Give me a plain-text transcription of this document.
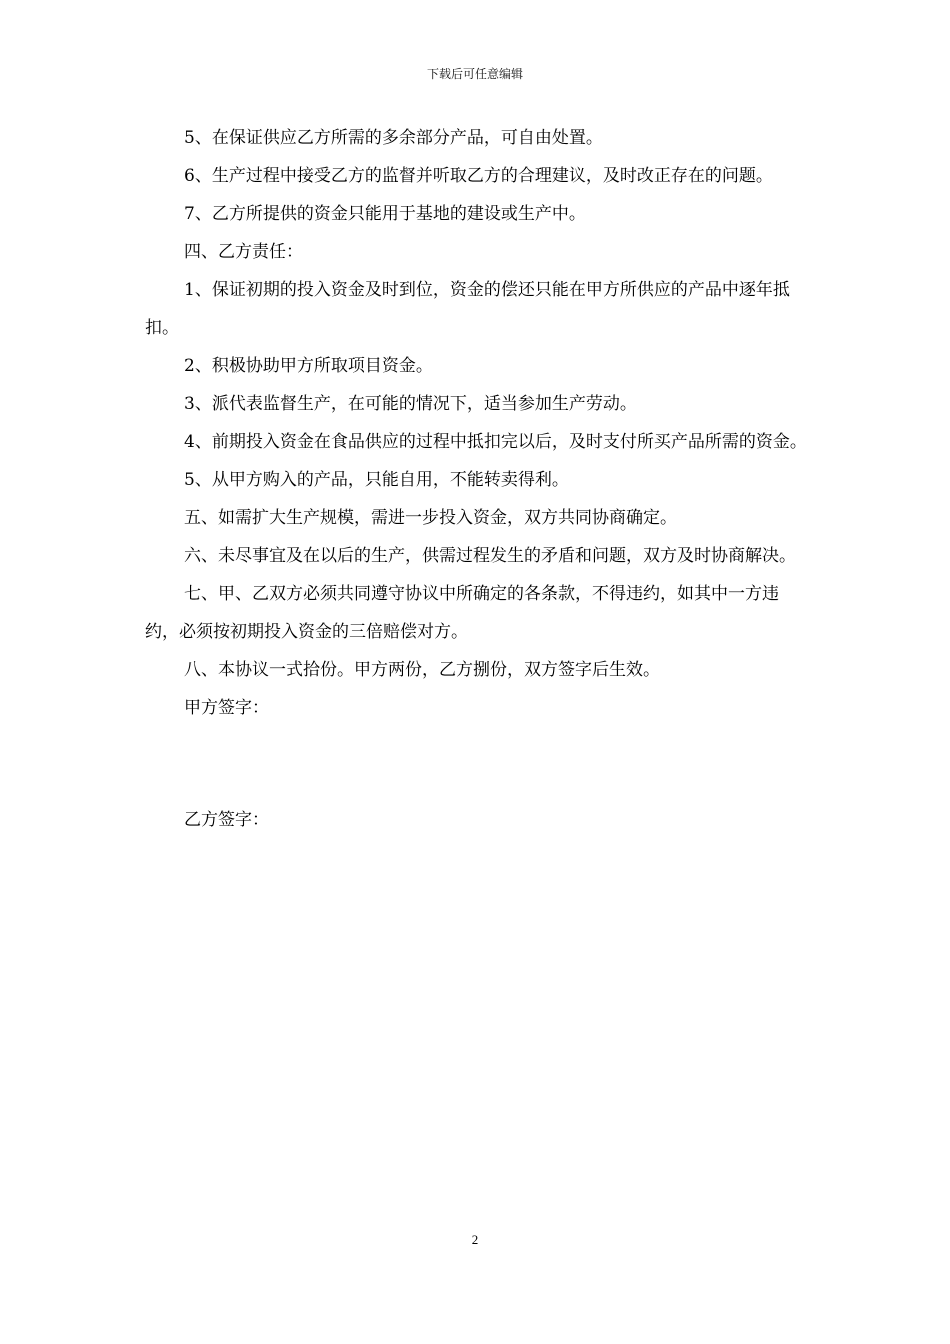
下载后可任意编辑

5、在保证供应乙方所需的多余部分产品，可自由处置。

6、生产过程中接受乙方的监督并听取乙方的合理建议，及时改正存在的问题。

7、乙方所提供的资金只能用于基地的建设或生产中。

四、乙方责任：

1、保证初期的投入资金及时到位，资金的偿还只能在甲方所供应的产品中逐年抵扣。

2、积极协助甲方所取项目资金。

3、派代表监督生产，在可能的情况下，适当参加生产劳动。

4、前期投入资金在食品供应的过程中抵扣完以后，及时支付所买产品所需的资金。

5、从甲方购入的产品，只能自用，不能转卖得利。

五、如需扩大生产规模，需进一步投入资金，双方共同协商确定。

六、未尽事宜及在以后的生产，供需过程发生的矛盾和问题，双方及时协商解决。

七、甲、乙双方必须共同遵守协议中所确定的各条款，不得违约，如其中一方违约，必须按初期投入资金的三倍赔偿对方。

八、本协议一式拾份。甲方两份，乙方捌份，双方签字后生效。

甲方签字：

乙方签字：

2
